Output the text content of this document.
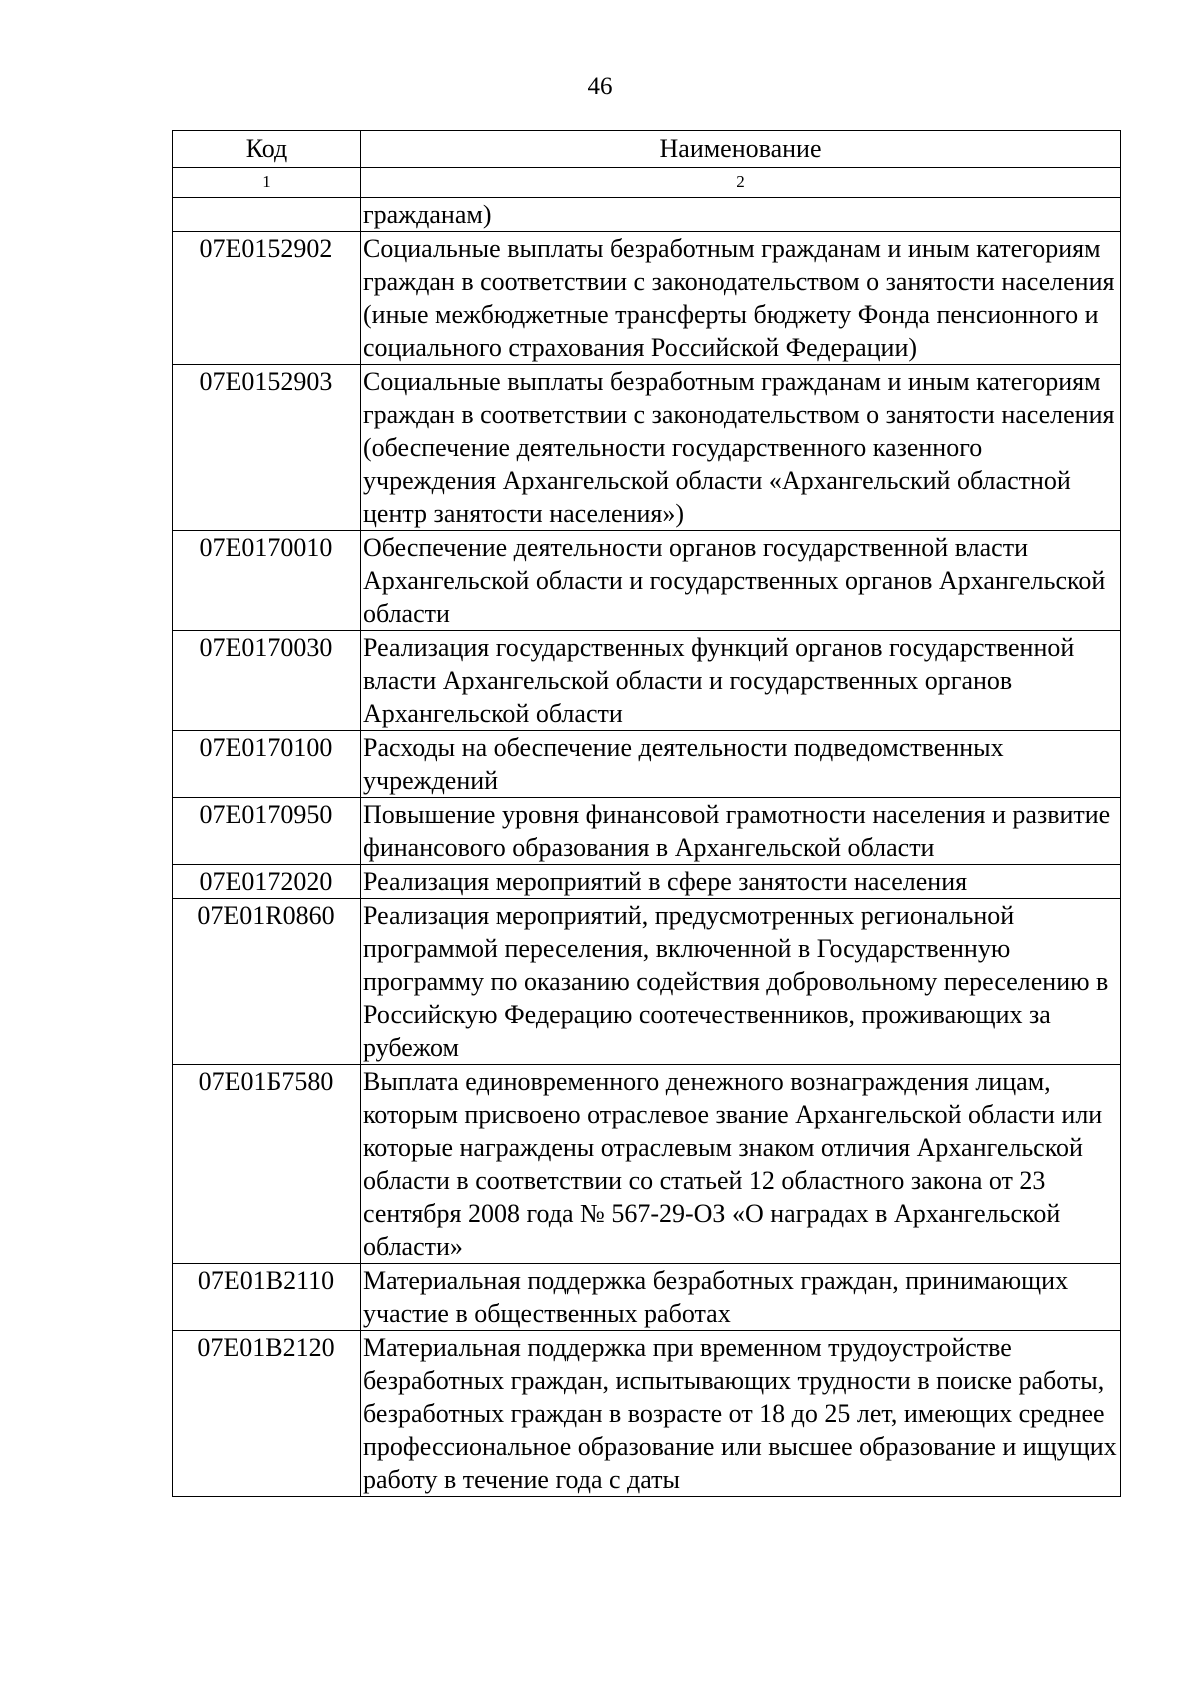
46
Код	Наименование
1	2
	гражданам)
07Е0152902	Социальные выплаты безработным гражданам и иным категориям граждан в соответствии с законодательством о занятости населения (иные межбюджетные трансферты бюджету Фонда пенсионного и социального страхования Российской Федерации)
07Е0152903	Социальные выплаты безработным гражданам и иным категориям граждан в соответствии с законодательством о занятости населения (обеспечение деятельности государственного казенного учреждения Архангельской области «Архангельский областной центр занятости населения»)
07Е0170010	Обеспечение деятельности органов государственной власти Архангельской области и государственных органов Архангельской области
07Е0170030	Реализация государственных функций органов государственной власти Архангельской области и государственных органов Архангельской области
07Е0170100	Расходы на обеспечение деятельности подведомственных учреждений
07Е0170950	Повышение уровня финансовой грамотности населения и развитие финансового образования в Архангельской области
07Е0172020	Реализация мероприятий в сфере занятости населения
07Е01R0860	Реализация мероприятий, предусмотренных региональной программой переселения, включенной в Государственную программу по оказанию содействия добровольному переселению в Российскую Федерацию соотечественников, проживающих за рубежом
07Е01Б7580	Выплата единовременного денежного вознаграждения лицам, которым присвоено отраслевое звание Архангельской области или которые награждены отраслевым знаком отличия Архангельской области в соответствии со статьей 12 областного закона от 23 сентября 2008 года № 567-29-ОЗ «О наградах в Архангельской области»
07Е01В2110	Материальная поддержка безработных граждан, принимающих участие в общественных работах
07Е01В2120	Материальная поддержка при временном трудоустройстве безработных граждан, испытывающих трудности в поиске работы, безработных граждан в возрасте от 18 до 25 лет, имеющих среднее профессиональное образование или высшее образование и ищущих работу в течение года с даты
